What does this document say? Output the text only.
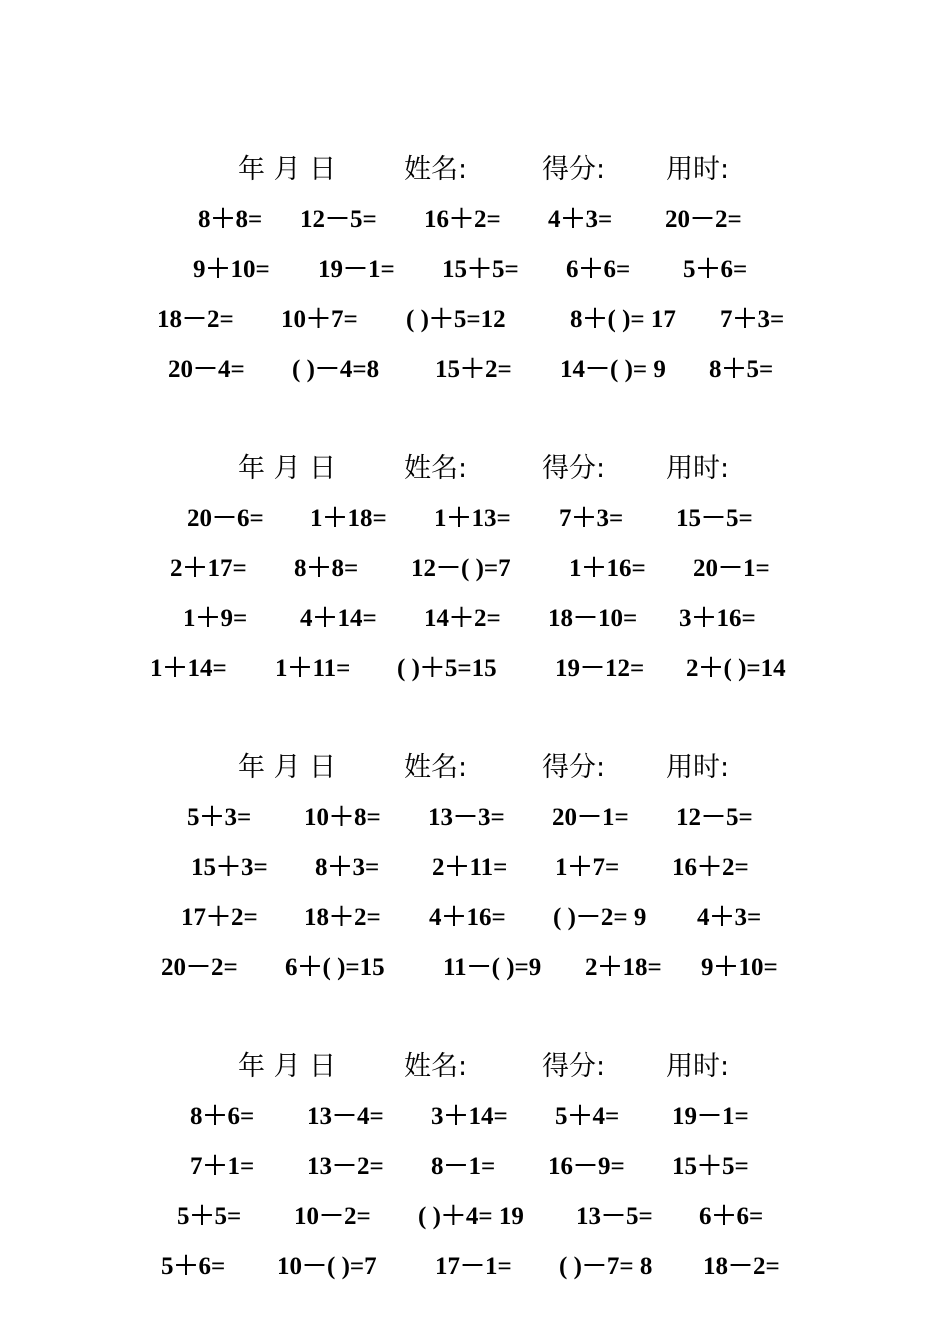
年 月 日	姓名:	得分: 用时:
8＋8= 12－5= 16＋2= 4＋3= 20－2=
9＋10= 19－1= 15＋5= 6＋6= 5＋6=
18－2= 10＋7= ( )＋5=12	8＋( )= 17 7＋3=
20－4= ( )－4=8 15＋2= 14－( )= 9 8＋5=
年 月 日	姓名:	得分: 用时:
20－6= 1＋18= 1＋13= 7＋3= 15－5=
2＋17= 8＋8= 12－( )=7 1＋16= 20－1=
1＋9= 4＋14= 14＋2= 18－10= 3＋16=
1＋14= 1＋11= ( )＋5=15 19－12= 2＋( )=14
年 月 日	姓名:	得分: 用时:
5＋3= 10＋8= 13－3= 20－1= 12－5=
15＋3= 8＋3= 2＋11= 1＋7= 16＋2=
17＋2= 18＋2= 4＋16= ( )－2= 9 4＋3=
20－2= 6＋( )=15 11－( )=9 2＋18= 9＋10=
年 月 日	姓名:	得分: 用时:
8＋6= 13－4= 3＋14= 5＋4= 19－1=
7＋1= 13－2= 8－1= 16－9= 15＋5=
5＋5= 10－2= ( )＋4= 19 13－5= 6＋6=
5＋6= 10－( )=7 17－1= ( )－7= 8 18－2=
